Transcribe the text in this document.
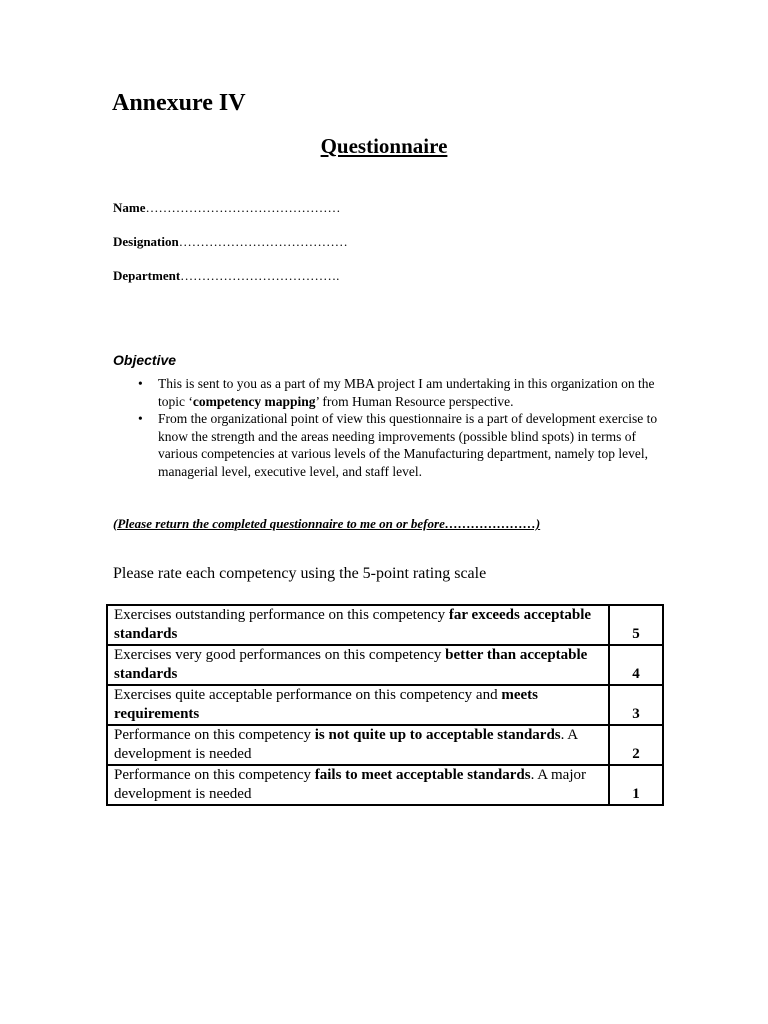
Annexure IV
Questionnaire
Name………………………………………
Designation…………………………………
Department……………………………….
Objective
• This is sent to you as a part of my MBA project I am undertaking in this organization on the topic ‘competency mapping’ from Human Resource perspective.
• From the organizational point of view this questionnaire is a part of development exercise to know the strength and the areas needing improvements (possible blind spots) in terms of various competencies at various levels of the Manufacturing department, namely top level, managerial level, executive level, and staff level.
(Please return the completed questionnaire to me on or before…………………)
Please rate each competency using the 5-point rating scale
Exercises outstanding performance on this competency far exceeds acceptable standards	5
Exercises very good performances on this competency better than acceptable standards	4
Exercises quite acceptable performance on this competency and meets requirements	3
Performance on this competency is not quite up to acceptable standards. A development is needed	2
Performance on this competency fails to meet acceptable standards. A major development is needed	1
